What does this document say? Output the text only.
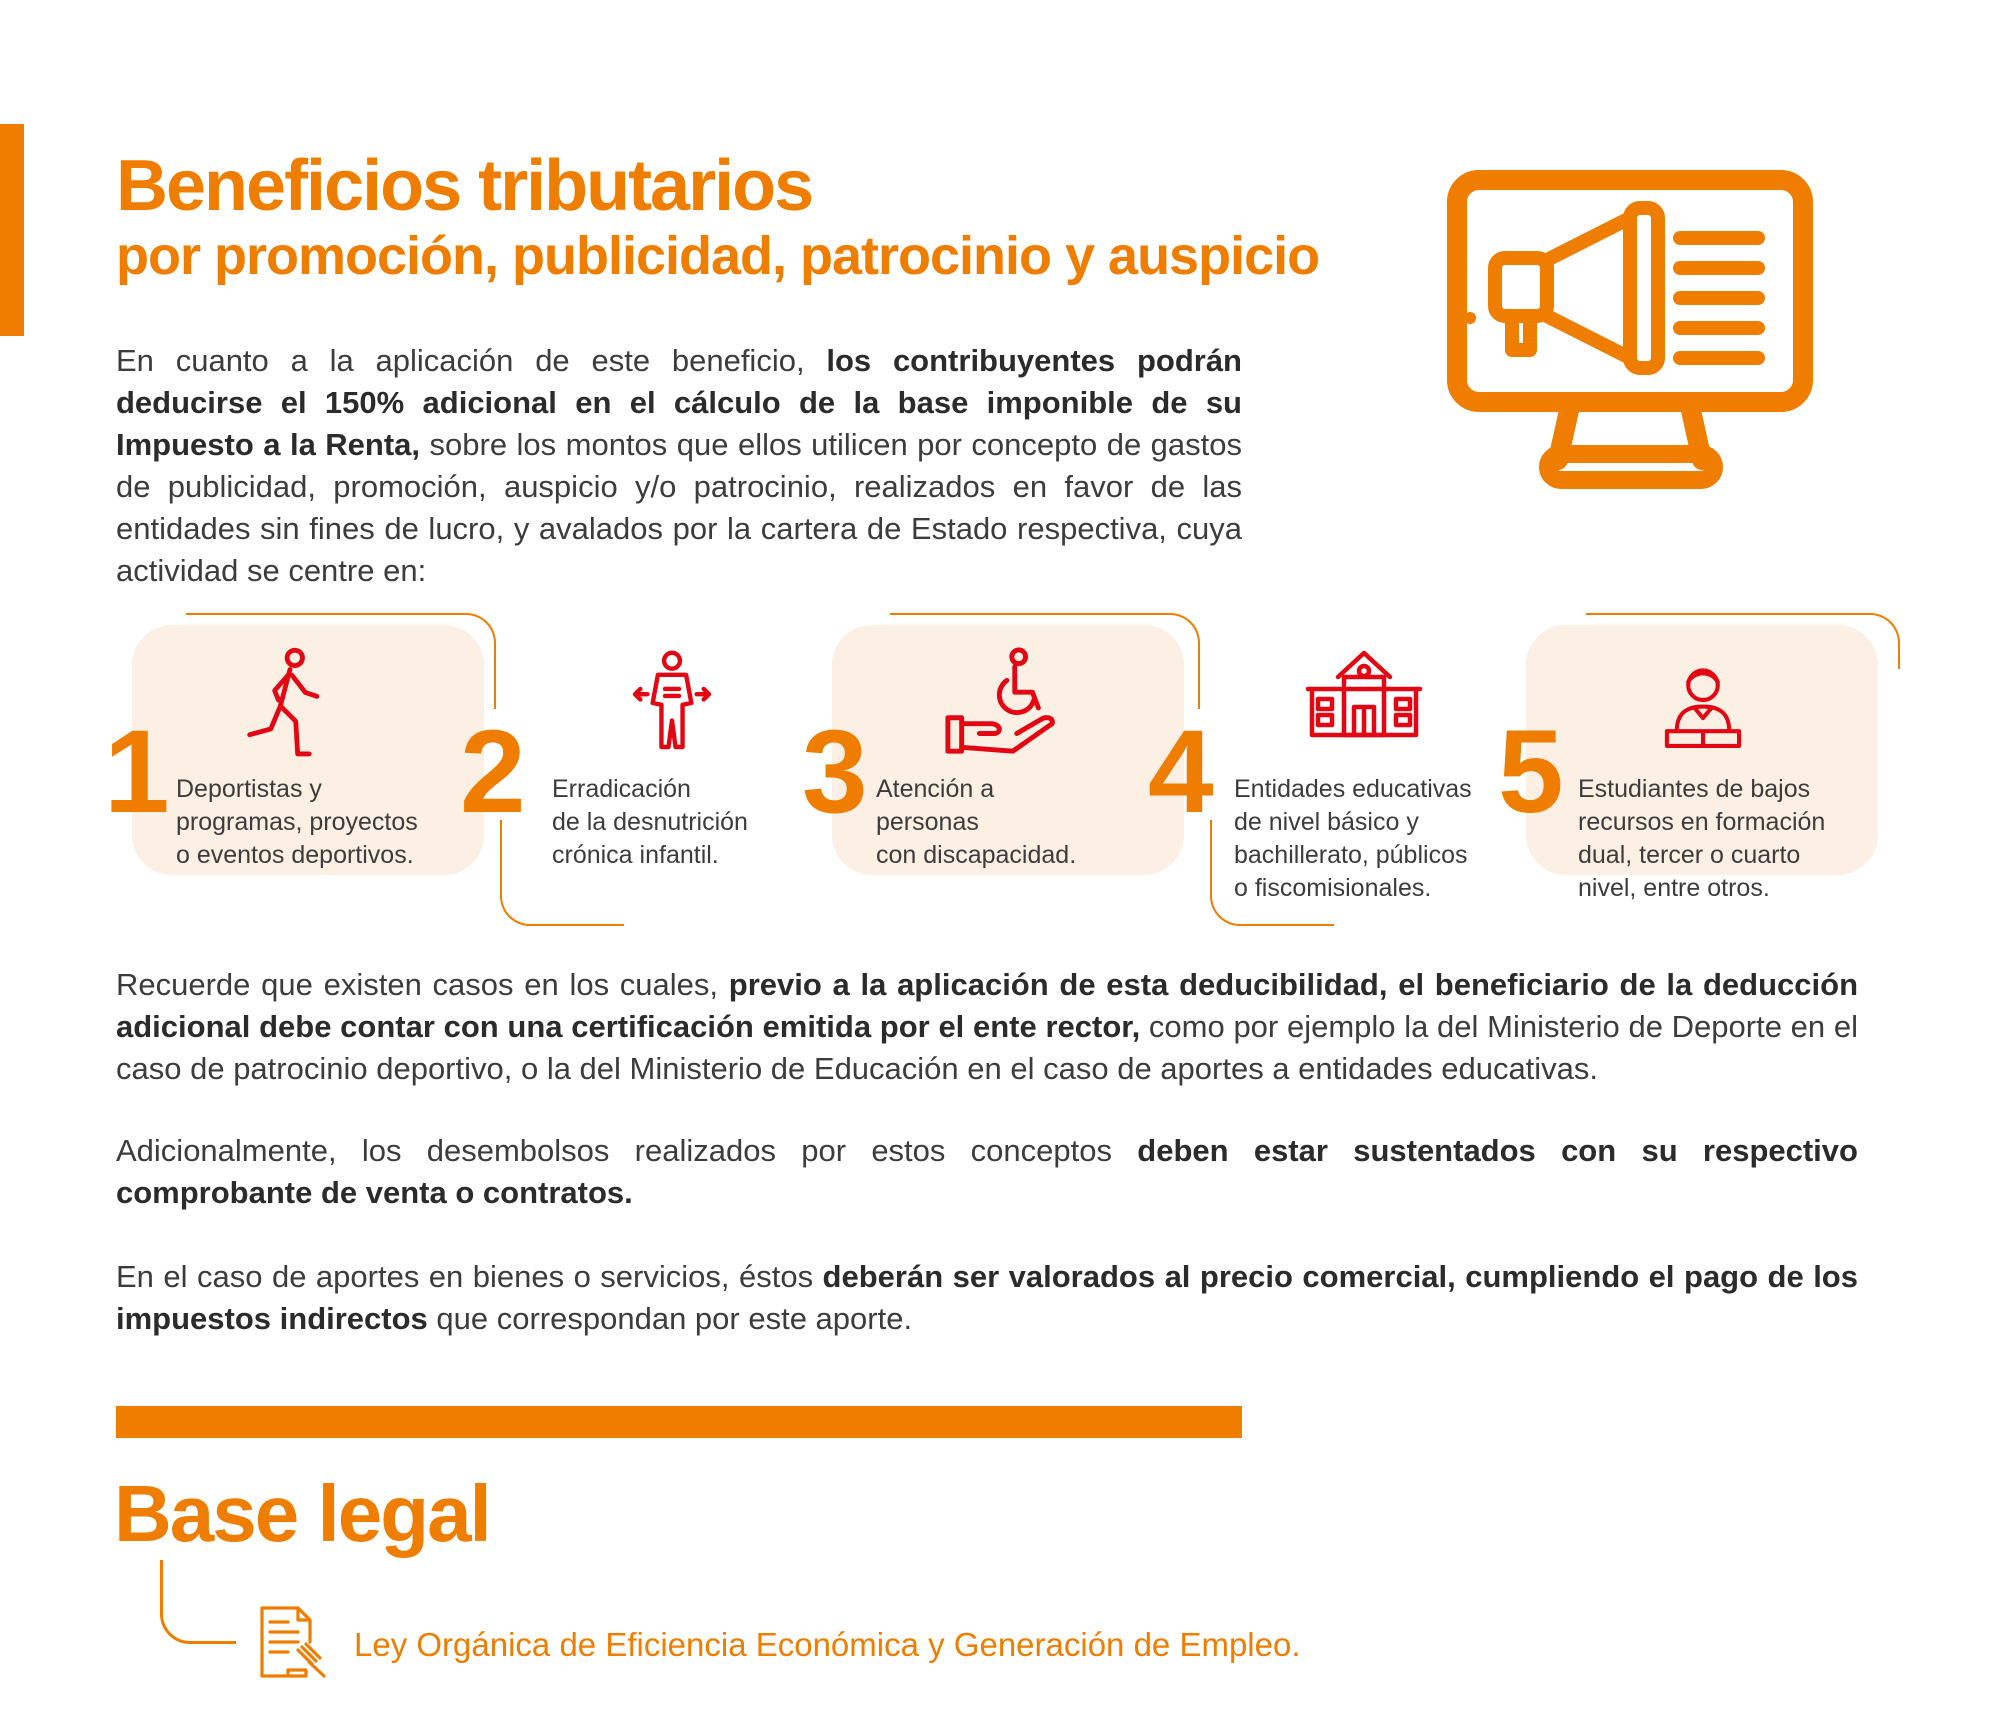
Beneficios tributarios
por promoción, publicidad, patrocinio y auspicio

En cuanto a la aplicación de este beneficio, los contribuyentes podrán deducirse el 150% adicional en el cálculo de la base imponible de su Impuesto a la Renta, sobre los montos que ellos utilicen por concepto de gastos de publicidad, promoción, auspicio y/o patrocinio, realizados en favor de las entidades sin fines de lucro, y avalados por la cartera de Estado respectiva, cuya actividad se centre en:

1 Deportistas y
programas, proyectos
o eventos deportivos.
2 Erradicación
de la desnutrición
crónica infantil.
3 Atención a
personas
con discapacidad.
4 Entidades educativas
de nivel básico y
bachillerato, públicos
o fiscomisionales.
5 Estudiantes de bajos
recursos en formación
dual, tercer o cuarto
nivel, entre otros.

Recuerde que existen casos en los cuales, previo a la aplicación de esta deducibilidad, el beneficiario de la deducción adicional debe contar con una certificación emitida por el ente rector, como por ejemplo la del Ministerio de Deporte en el caso de patrocinio deportivo, o la del Ministerio de Educación en el caso de aportes a entidades educativas.

Adicionalmente, los desembolsos realizados por estos conceptos deben estar sustentados con su respectivo comprobante de venta o contratos.

En el caso de aportes en bienes o servicios, éstos deberán ser valorados al precio comercial, cumpliendo el pago de los impuestos indirectos que correspondan por este aporte.

Base legal
Ley Orgánica de Eficiencia Económica y Generación de Empleo.
